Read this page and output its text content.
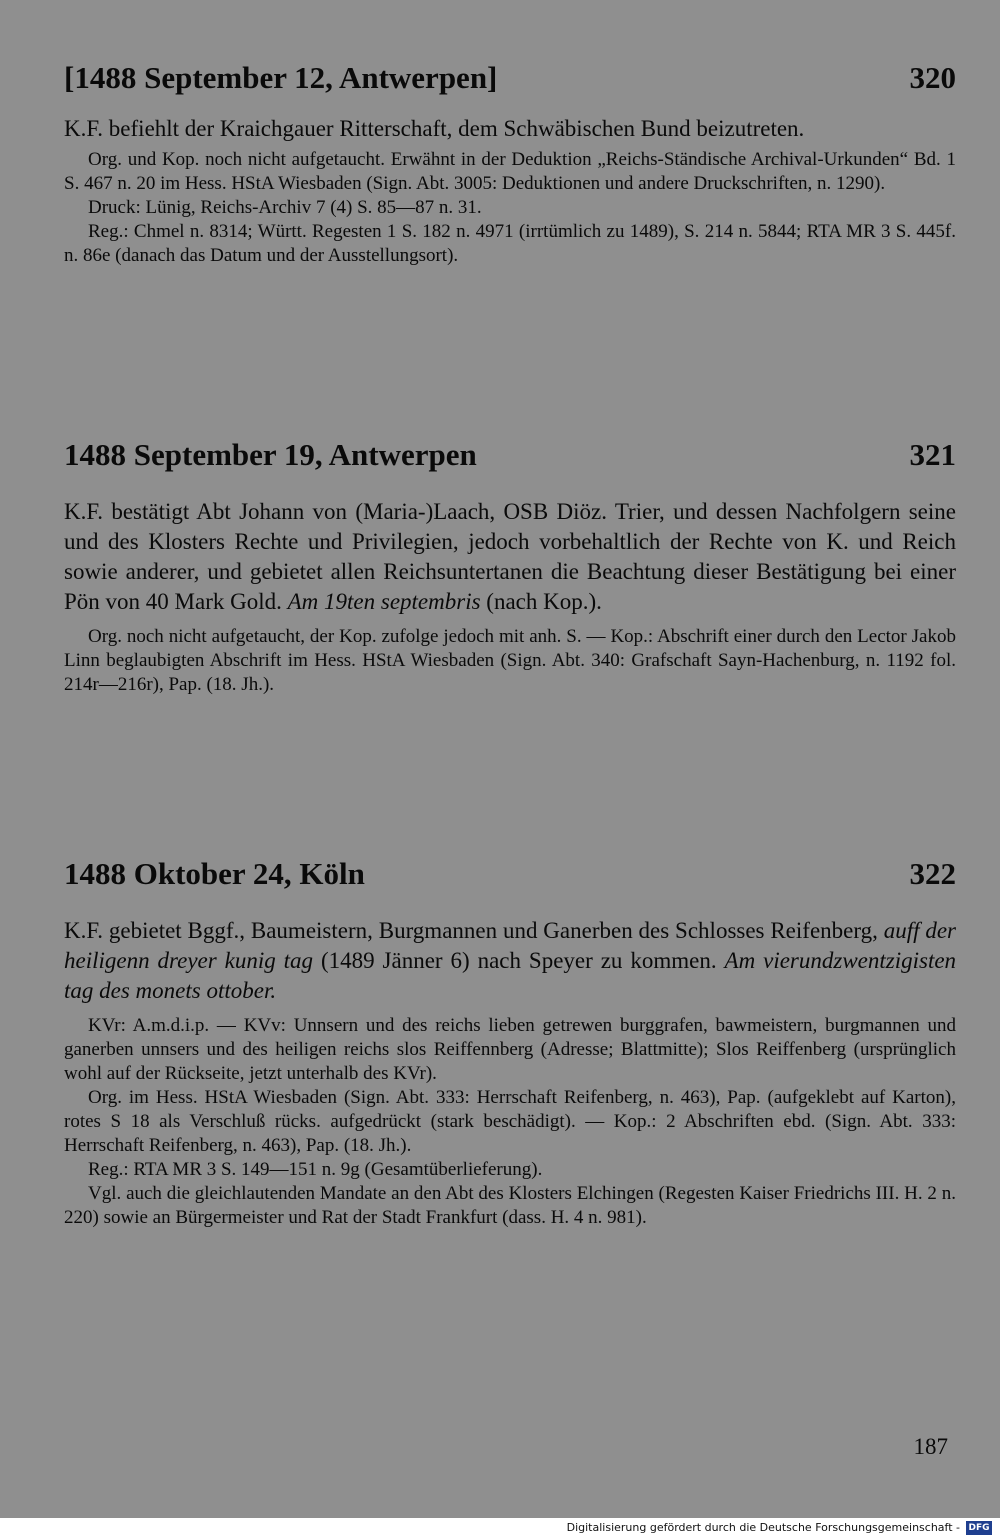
[1488 September 12, Antwerpen]	320
K.F. befiehlt der Kraichgauer Ritterschaft, dem Schwäbischen Bund beizutreten.

Org. und Kop. noch nicht aufgetaucht. Erwähnt in der Deduktion „Reichs-Ständische Archival-Urkunden“ Bd. 1 S. 467 n. 20 im Hess. HStA Wiesbaden (Sign. Abt. 3005: Deduktionen und andere Druckschriften, n. 1290).

Druck: Lünig, Reichs-Archiv 7 (4) S. 85—87 n. 31.

Reg.: Chmel n. 8314; Württ. Regesten 1 S. 182 n. 4971 (irrtümlich zu 1489), S. 214 n. 5844; RTA MR 3 S. 445f. n. 86e (danach das Datum und der Ausstellungsort).

1488 September 19, Antwerpen	321
K.F. bestätigt Abt Johann von (Maria-)Laach, OSB Diöz. Trier, und dessen Nachfolgern seine und des Klosters Rechte und Privilegien, jedoch vorbehaltlich der Rechte von K. und Reich sowie anderer, und gebietet allen Reichsuntertanen die Beachtung dieser Bestätigung bei einer Pön von 40 Mark Gold. Am 19ten septembris (nach Kop.).

Org. noch nicht aufgetaucht, der Kop. zufolge jedoch mit anh. S. — Kop.: Abschrift einer durch den Lector Jakob Linn beglaubigten Abschrift im Hess. HStA Wiesbaden (Sign. Abt. 340: Grafschaft Sayn-Hachenburg, n. 1192 fol. 214r—216r), Pap. (18. Jh.).

1488 Oktober 24, Köln	322
K.F. gebietet Bggf., Baumeistern, Burgmannen und Ganerben des Schlosses Reifenberg, auff der heiligenn dreyer kunig tag (1489 Jänner 6) nach Speyer zu kommen. Am vierundzwentzigisten tag des monets ottober.

KVr: A.m.d.i.p. — KVv: Unnsern und des reichs lieben getrewen burggrafen, bawmeistern, burgmannen und ganerben unnsers und des heiligen reichs slos Reiffennberg (Adresse; Blattmitte); Slos Reiffenberg (ursprünglich wohl auf der Rückseite, jetzt unterhalb des KVr).

Org. im Hess. HStA Wiesbaden (Sign. Abt. 333: Herrschaft Reifenberg, n. 463), Pap. (aufgeklebt auf Karton), rotes S 18 als Verschluß rücks. aufgedrückt (stark beschädigt). — Kop.: 2 Abschriften ebd. (Sign. Abt. 333: Herrschaft Reifenberg, n. 463), Pap. (18. Jh.).

Reg.: RTA MR 3 S. 149—151 n. 9g (Gesamtüberlieferung).

Vgl. auch die gleichlautenden Mandate an den Abt des Klosters Elchingen (Regesten Kaiser Friedrichs III. H. 2 n. 220) sowie an Bürgermeister und Rat der Stadt Frankfurt (dass. H. 4 n. 981).

187
Digitalisierung gefördert durch die Deutsche Forschungsgemeinschaft - DFG
